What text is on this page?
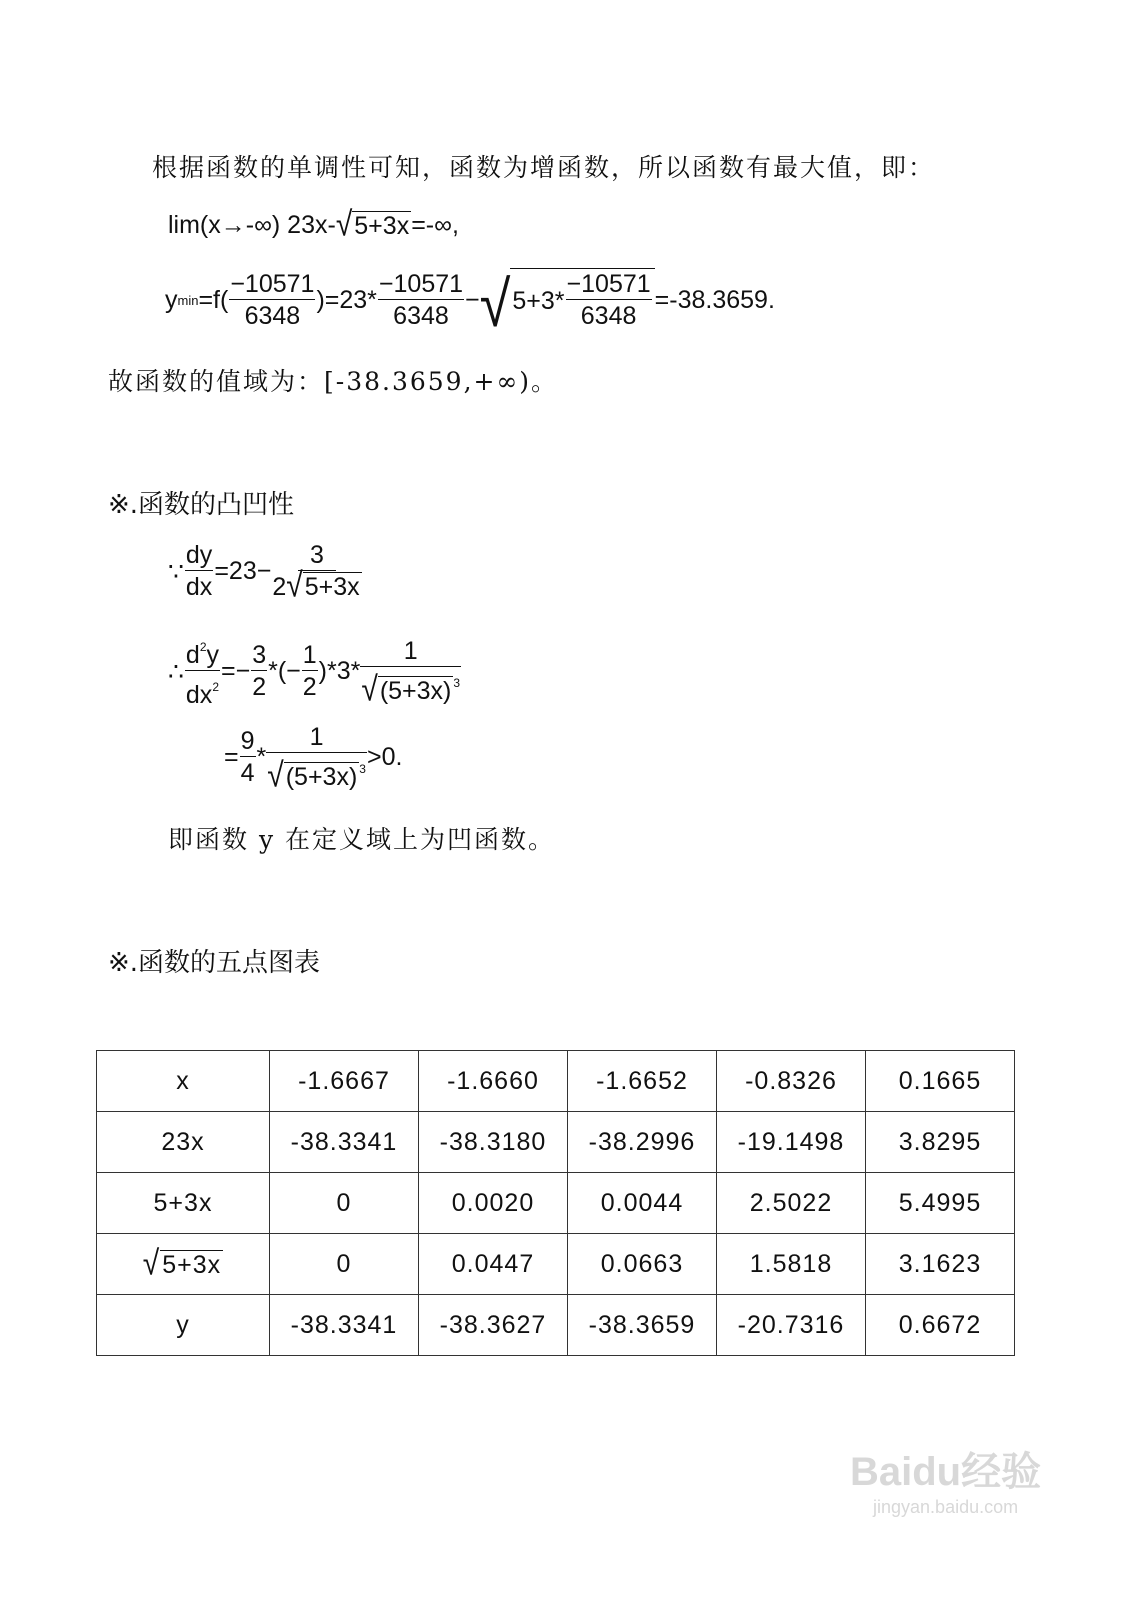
根据函数的单调性可知，函数为增函数，所以函数有最大值，即：
lim(x→-∞) 23x- √ 5+3x =-∞,
y $\min =f( \frac{-10571}{6348} )=23* \frac{-10571}{6348}$ − √ $5+3* \frac{-10571}{6348} =-38.3659$.
故函数的值域为：[-38.3659,+∞)。
※.函数的凸凹性
∵ $\frac{dy}{dx} =23- \frac{3}{2 √ 5+3x}$
∴ $\frac{d^2y}{dx^2} =- \frac{3}{2}$ *(− $\frac{1}{2} )*3* \frac{1}{√ (5+3x) ^3}$
= $\frac{9}{4} * \frac{1}{√ (5+3x) ^3} >0$.
即函数 y 在定义域上为凹函数。
※.函数的五点图表
x	-1.6667	-1.6660	-1.6652	-0.8326	0.1665
23x	-38.3341	-38.3180	-38.2996	-19.1498	3.8295
5+3x	0	0.0020	0.0044	2.5022	5.4995

√ 5+3x	0	0.0447	0.0663	1.5818	3.1623
y	-38.3341	-38.3627	-38.3659	-20.7316	0.6672
Baidu经验
jingyan.baidu.com
